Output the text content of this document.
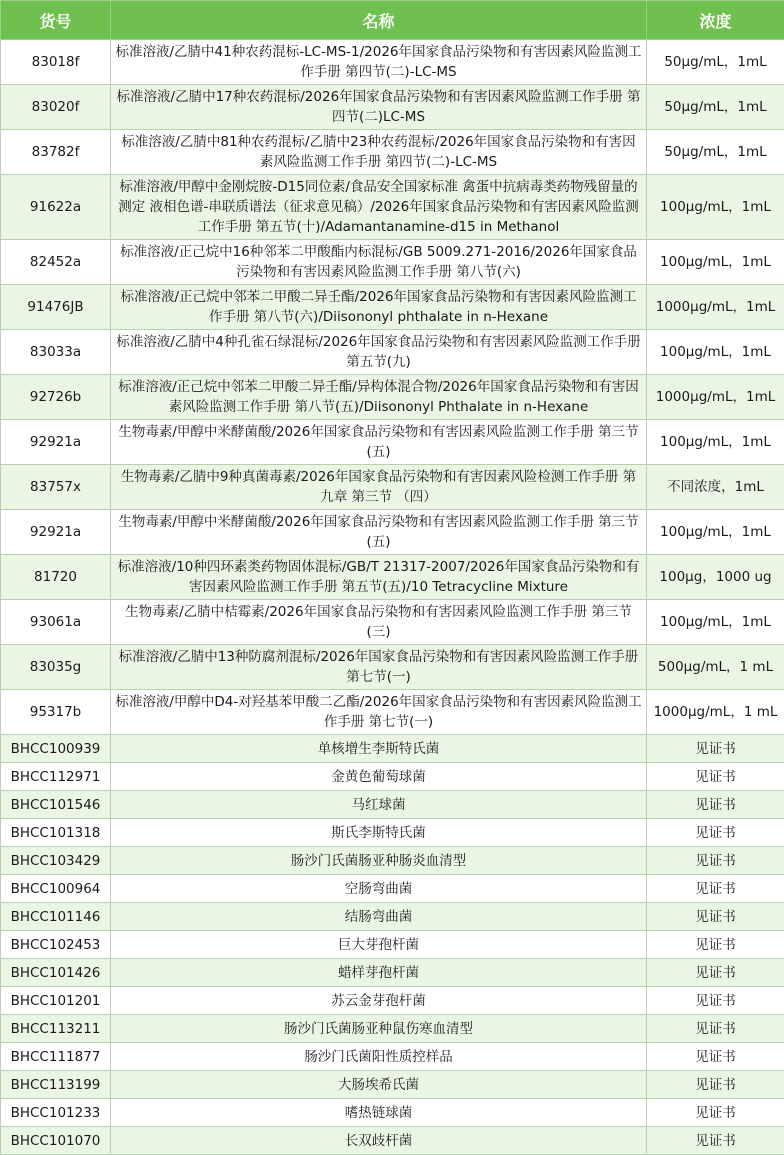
货号	名称	浓度
83018f	标准溶液/乙腈中41种农药混标-LC-MS-1/2026年国家食品污染物和有害因素风险监测工作手册 第四节(二)-LC-MS	50μg/mL，1mL
83020f	标准溶液/乙腈中17种农药混标/2026年国家食品污染物和有害因素风险监测工作手册 第四节(二)LC-MS	50μg/mL，1mL
83782f	标准溶液/乙腈中81种农药混标/乙腈中23种农药混标/2026年国家食品污染物和有害因素风险监测工作手册 第四节(二)-LC-MS	50μg/mL，1mL
91622a	标准溶液/甲醇中金刚烷胺-D15同位素/食品安全国家标准 禽蛋中抗病毒类药物残留量的测定 液相色谱-串联质谱法（征求意见稿）/2026年国家食品污染物和有害因素风险监测工作手册 第五节(十)/Adamantanamine-d15 in Methanol	100μg/mL，1mL
82452a	标准溶液/正己烷中16种邻苯二甲酸酯内标混标/GB 5009.271-2016/2026年国家食品污染物和有害因素风险监测工作手册 第八节(六)	100μg/mL，1mL
91476JB	标准溶液/正己烷中邻苯二甲酸二异壬酯/2026年国家食品污染物和有害因素风险监测工作手册 第八节(六)/Diisononyl phthalate in n-Hexane	1000μg/mL，1mL
83033a	标准溶液/乙腈中4种孔雀石绿混标/2026年国家食品污染物和有害因素风险监测工作手册 第五节(九)	100μg/mL，1mL
92726b	标准溶液/正己烷中邻苯二甲酸二异壬酯/异构体混合物/2026年国家食品污染物和有害因素风险监测工作手册 第八节(五)/Diisononyl Phthalate in n-Hexane	1000μg/mL，1mL
92921a	生物毒素/甲醇中米酵菌酸/2026年国家食品污染物和有害因素风险监测工作手册 第三节(五)	100μg/mL，1mL
83757x	生物毒素/乙腈中9种真菌毒素/2026年国家食品污染物和有害因素风险检测工作手册 第九章 第三节 （四）	不同浓度，1mL
92921a	生物毒素/甲醇中米酵菌酸/2026年国家食品污染物和有害因素风险监测工作手册 第三节(五)	100μg/mL，1mL
81720	标准溶液/10种四环素类药物固体混标/GB/T 21317-2007/2026年国家食品污染物和有害因素风险监测工作手册 第五节(五)/10 Tetracycline Mixture	100μg，1000 ug
93061a	生物毒素/乙腈中桔霉素/2026年国家食品污染物和有害因素风险监测工作手册 第三节(三)	100μg/mL，1mL
83035g	标准溶液/乙腈中13种防腐剂混标/2026年国家食品污染物和有害因素风险监测工作手册 第七节(一)	500μg/mL，1 mL
95317b	标准溶液/甲醇中D4-对羟基苯甲酸二乙酯/2026年国家食品污染物和有害因素风险监测工作手册 第七节(一)	1000μg/mL，1 mL
BHCC100939	单核增生李斯特氏菌	见证书
BHCC112971	金黄色葡萄球菌	见证书
BHCC101546	马红球菌	见证书
BHCC101318	斯氏李斯特氏菌	见证书
BHCC103429	肠沙门氏菌肠亚种肠炎血清型	见证书
BHCC100964	空肠弯曲菌	见证书
BHCC101146	结肠弯曲菌	见证书
BHCC102453	巨大芽孢杆菌	见证书
BHCC101426	蜡样芽孢杆菌	见证书
BHCC101201	苏云金芽孢杆菌	见证书
BHCC113211	肠沙门氏菌肠亚种鼠伤寒血清型	见证书
BHCC111877	肠沙门氏菌阳性质控样品	见证书
BHCC113199	大肠埃希氏菌	见证书
BHCC101233	嗜热链球菌	见证书
BHCC101070	长双歧杆菌	见证书
